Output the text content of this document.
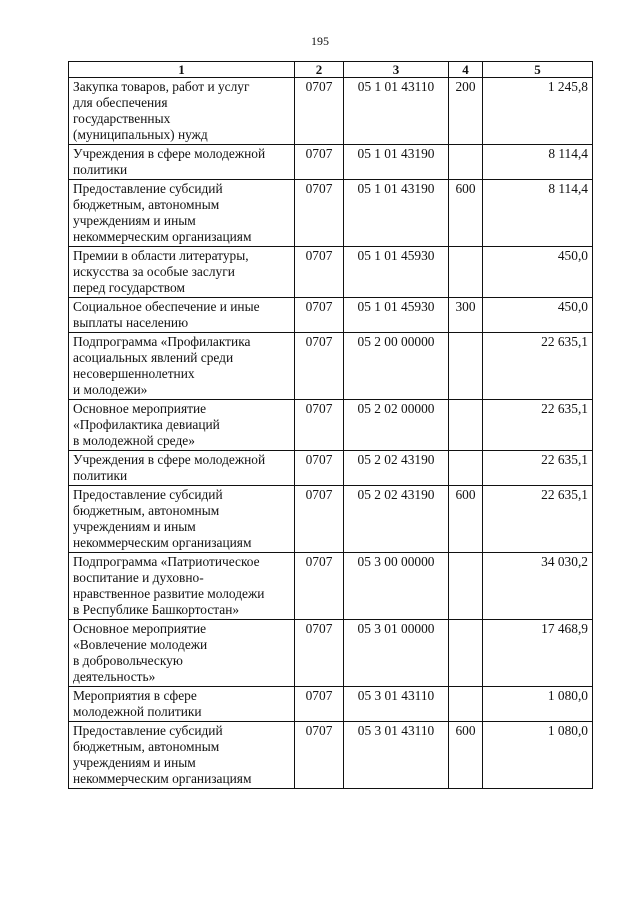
195
1	2	3	4	5
Закупка товаров, работ и услуг
для обеспечения
государственных
(муниципальных) нужд	0707	05 1 01 43110	200	1 245,8
Учреждения в сфере молодежной
политики	0707	05 1 01 43190		8 114,4
Предоставление субсидий
бюджетным, автономным
учреждениям и иным
некоммерческим организациям	0707	05 1 01 43190	600	8 114,4
Премии в области литературы,
искусства за особые заслуги
перед государством	0707	05 1 01 45930		450,0
Социальное обеспечение и иные
выплаты населению	0707	05 1 01 45930	300	450,0
Подпрограмма «Профилактика
асоциальных явлений среди
несовершеннолетних
и молодежи»	0707	05 2 00 00000		22 635,1
Основное мероприятие
«Профилактика девиаций
в молодежной среде»	0707	05 2 02 00000		22 635,1
Учреждения в сфере молодежной
политики	0707	05 2 02 43190		22 635,1
Предоставление субсидий
бюджетным, автономным
учреждениям и иным
некоммерческим организациям	0707	05 2 02 43190	600	22 635,1
Подпрограмма «Патриотическое
воспитание и духовно-
нравственное развитие молодежи
в Республике Башкортостан»	0707	05 3 00 00000		34 030,2
Основное мероприятие
«Вовлечение молодежи
в добровольческую
деятельность»	0707	05 3 01 00000		17 468,9
Мероприятия в сфере
молодежной политики	0707	05 3 01 43110		1 080,0
Предоставление субсидий
бюджетным, автономным
учреждениям и иным
некоммерческим организациям	0707	05 3 01 43110	600	1 080,0
